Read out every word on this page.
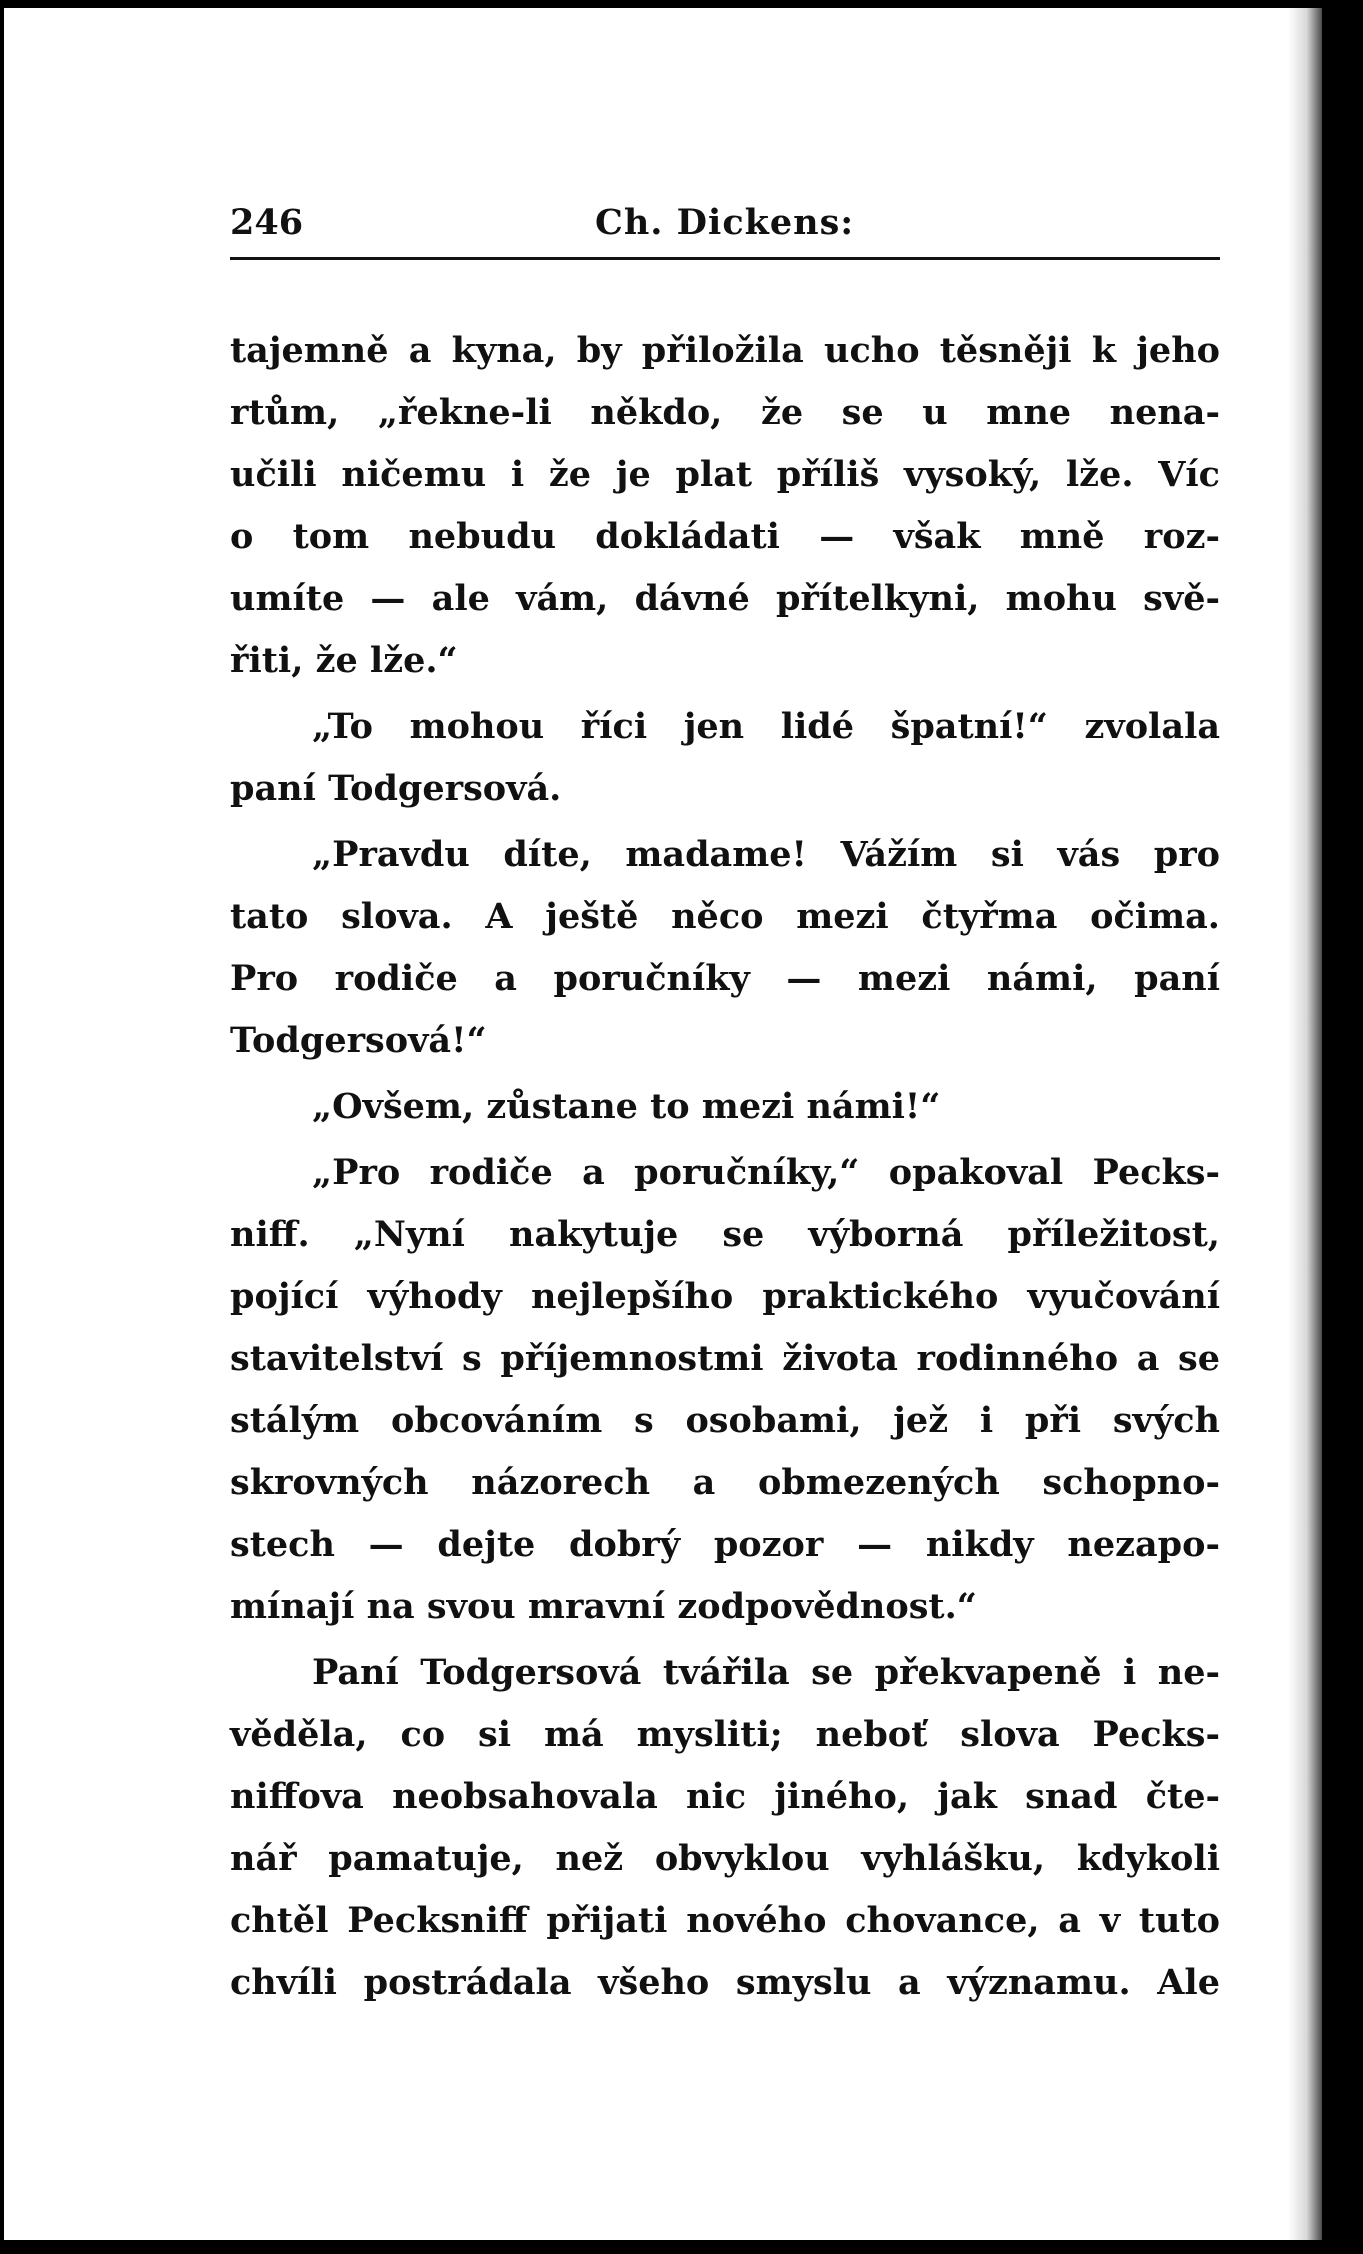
246	Ch. Dickens:
tajemně a kyna, by přiložila ucho těsněji k jeho
rtům, „řekne-li někdo, že se u mne nena-
učili ničemu i že je plat příliš vysoký, lže. Víc
o tom nebudu dokládati — však mně roz-
umíte — ale vám, dávné přítelkyni, mohu svě-
řiti, že lže.“
„To mohou říci jen lidé špatní!“ zvolala
paní Todgersová.
„Pravdu díte, madame! Vážím si vás pro
tato slova. A ještě něco mezi čtyřma očima.
Pro rodiče a poručníky — mezi námi, paní
Todgersová!“
„Ovšem, zůstane to mezi námi!“
„Pro rodiče a poručníky,“ opakoval Pecks-
niff. „Nyní nakytuje se výborná příležitost,
pojící výhody nejlepšího praktického vyučování
stavitelství s příjemnostmi života rodinného a se
stálým obcováním s osobami, jež i při svých
skrovných názorech a obmezených schopno-
stech — dejte dobrý pozor — nikdy nezapo-
mínají na svou mravní zodpovědnost.“
Paní Todgersová tvářila se překvapeně i ne-
věděla, co si má mysliti; neboť slova Pecks-
niffova neobsahovala nic jiného, jak snad čte-
nář pamatuje, než obvyklou vyhlášku, kdykoli
chtěl Pecksniff přijati nového chovance, a v tuto
chvíli postrádala všeho smyslu a významu. Ale
